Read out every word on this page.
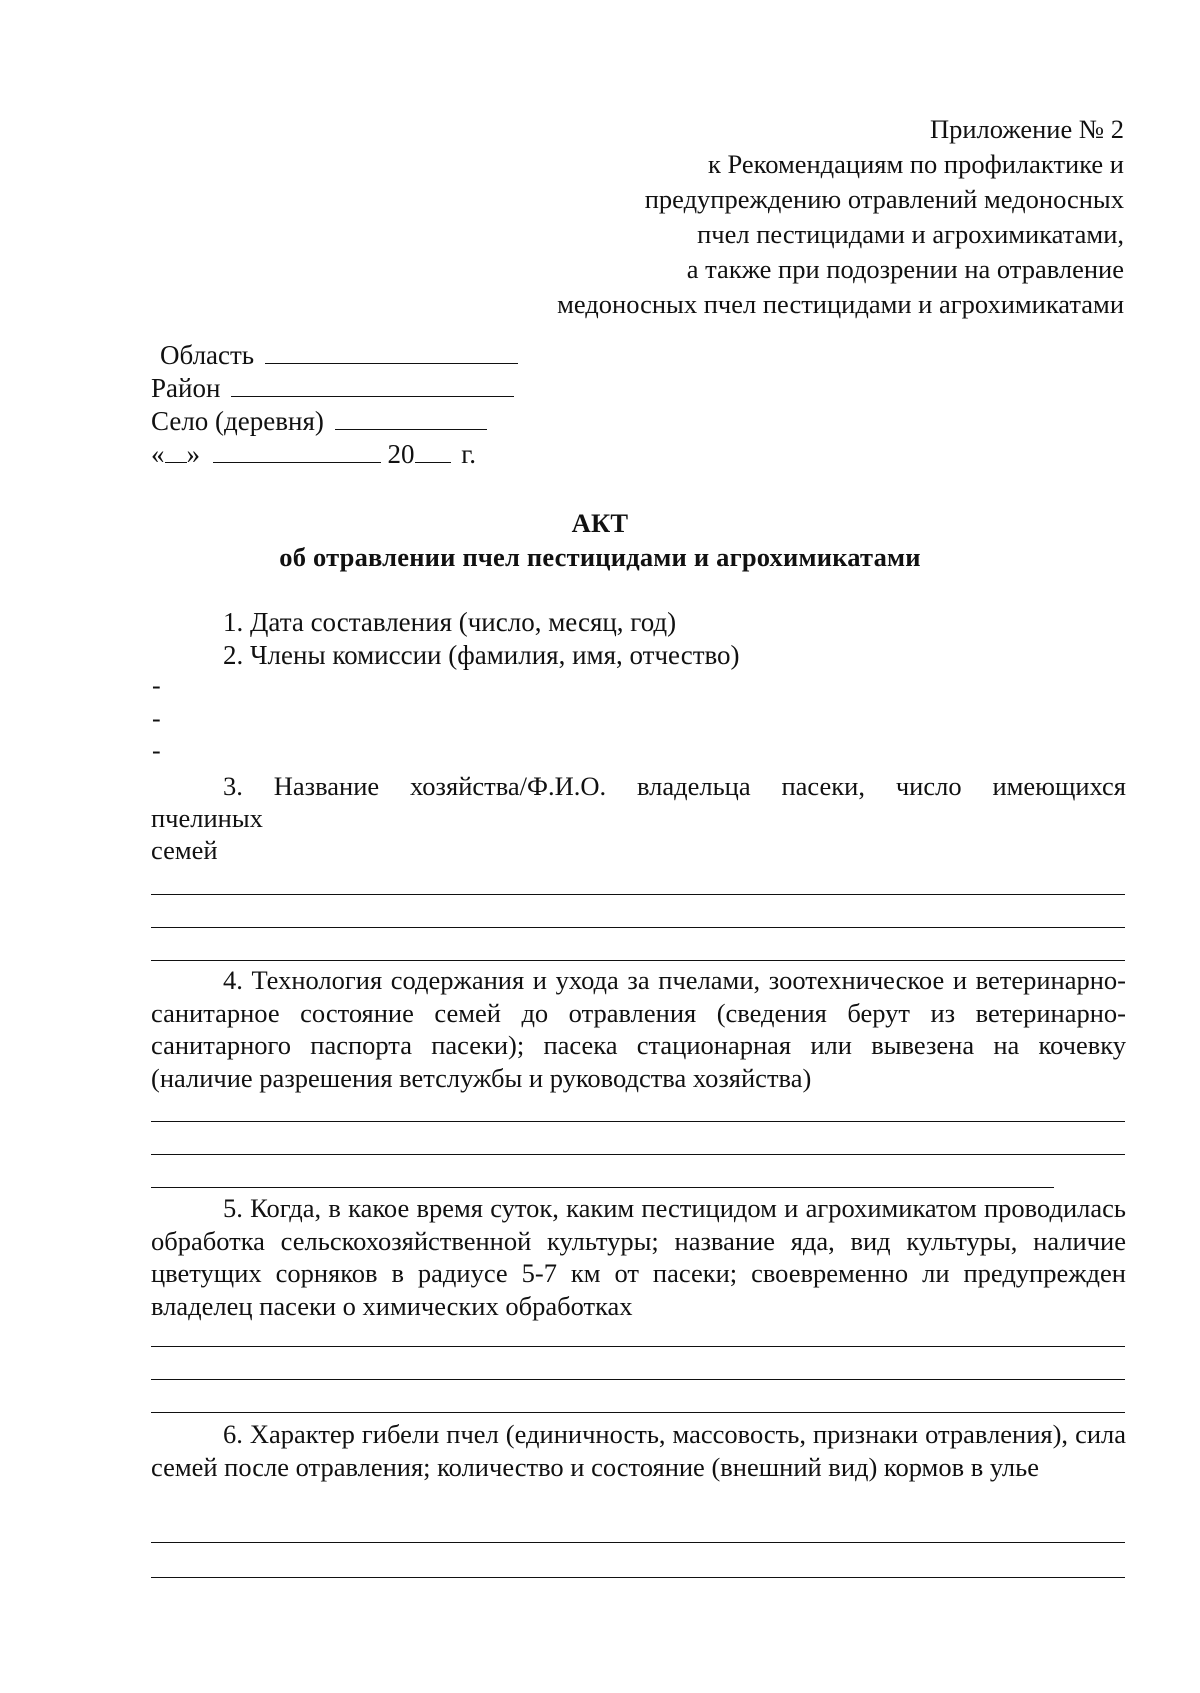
Приложение № 2
к Рекомендациям по профилактике и
предупреждению отравлений медоносных
пчел пестицидами и агрохимикатами,
а также при подозрении на отравление
медоносных пчел пестицидами и агрохимикатами
Область
Район
Село (деревня)
« »	20 г.
АКТ
об отравлении пчел пестицидами и агрохимикатами
1. Дата составления (число, месяц, год)
2. Члены комиссии (фамилия, имя, отчество)
-
-
-
3. Название хозяйства/Ф.И.О. владельца пасеки, число имеющихся
пчелиных
семей
4. Технология содержания и ухода за пчелами, зоотехническое и ветеринарно-санитарное состояние семей до отравления (сведения берут из ветеринарно-санитарного паспорта пасеки); пасека стационарная или вывезена на кочевку (наличие разрешения ветслужбы и руководства хозяйства)
5. Когда, в какое время суток, каким пестицидом и агрохимикатом проводилась обработка сельскохозяйственной культуры; название яда, вид культуры, наличие цветущих сорняков в радиусе 5-7 км от пасеки; своевременно ли предупрежден владелец пасеки о химических обработках
6. Характер гибели пчел (единичность, массовость, признаки отравления), сила семей после отравления; количество и состояние (внешний вид) кормов в улье
